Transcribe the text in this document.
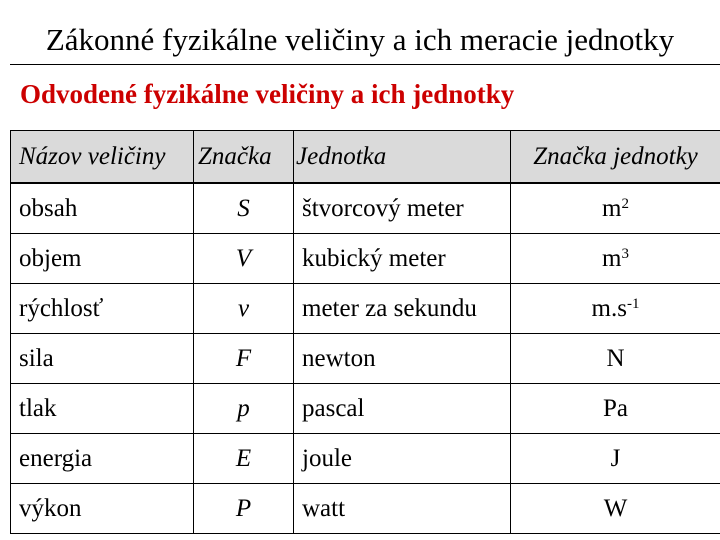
Zákonné fyzikálne veličiny a ich meracie jednotky
Odvodené fyzikálne veličiny a ich jednotky
Názov veličiny	Značka	Jednotka	Značka jednotky
obsah	S	štvorcový meter	$m^2$
objem	V	kubický meter	$m^3$
rýchlosť	v	meter za sekundu	$m.s^{-1}$
sila	F	newton	N
tlak	p	pascal	Pa
energia	E	joule	J
výkon	P	watt	W
